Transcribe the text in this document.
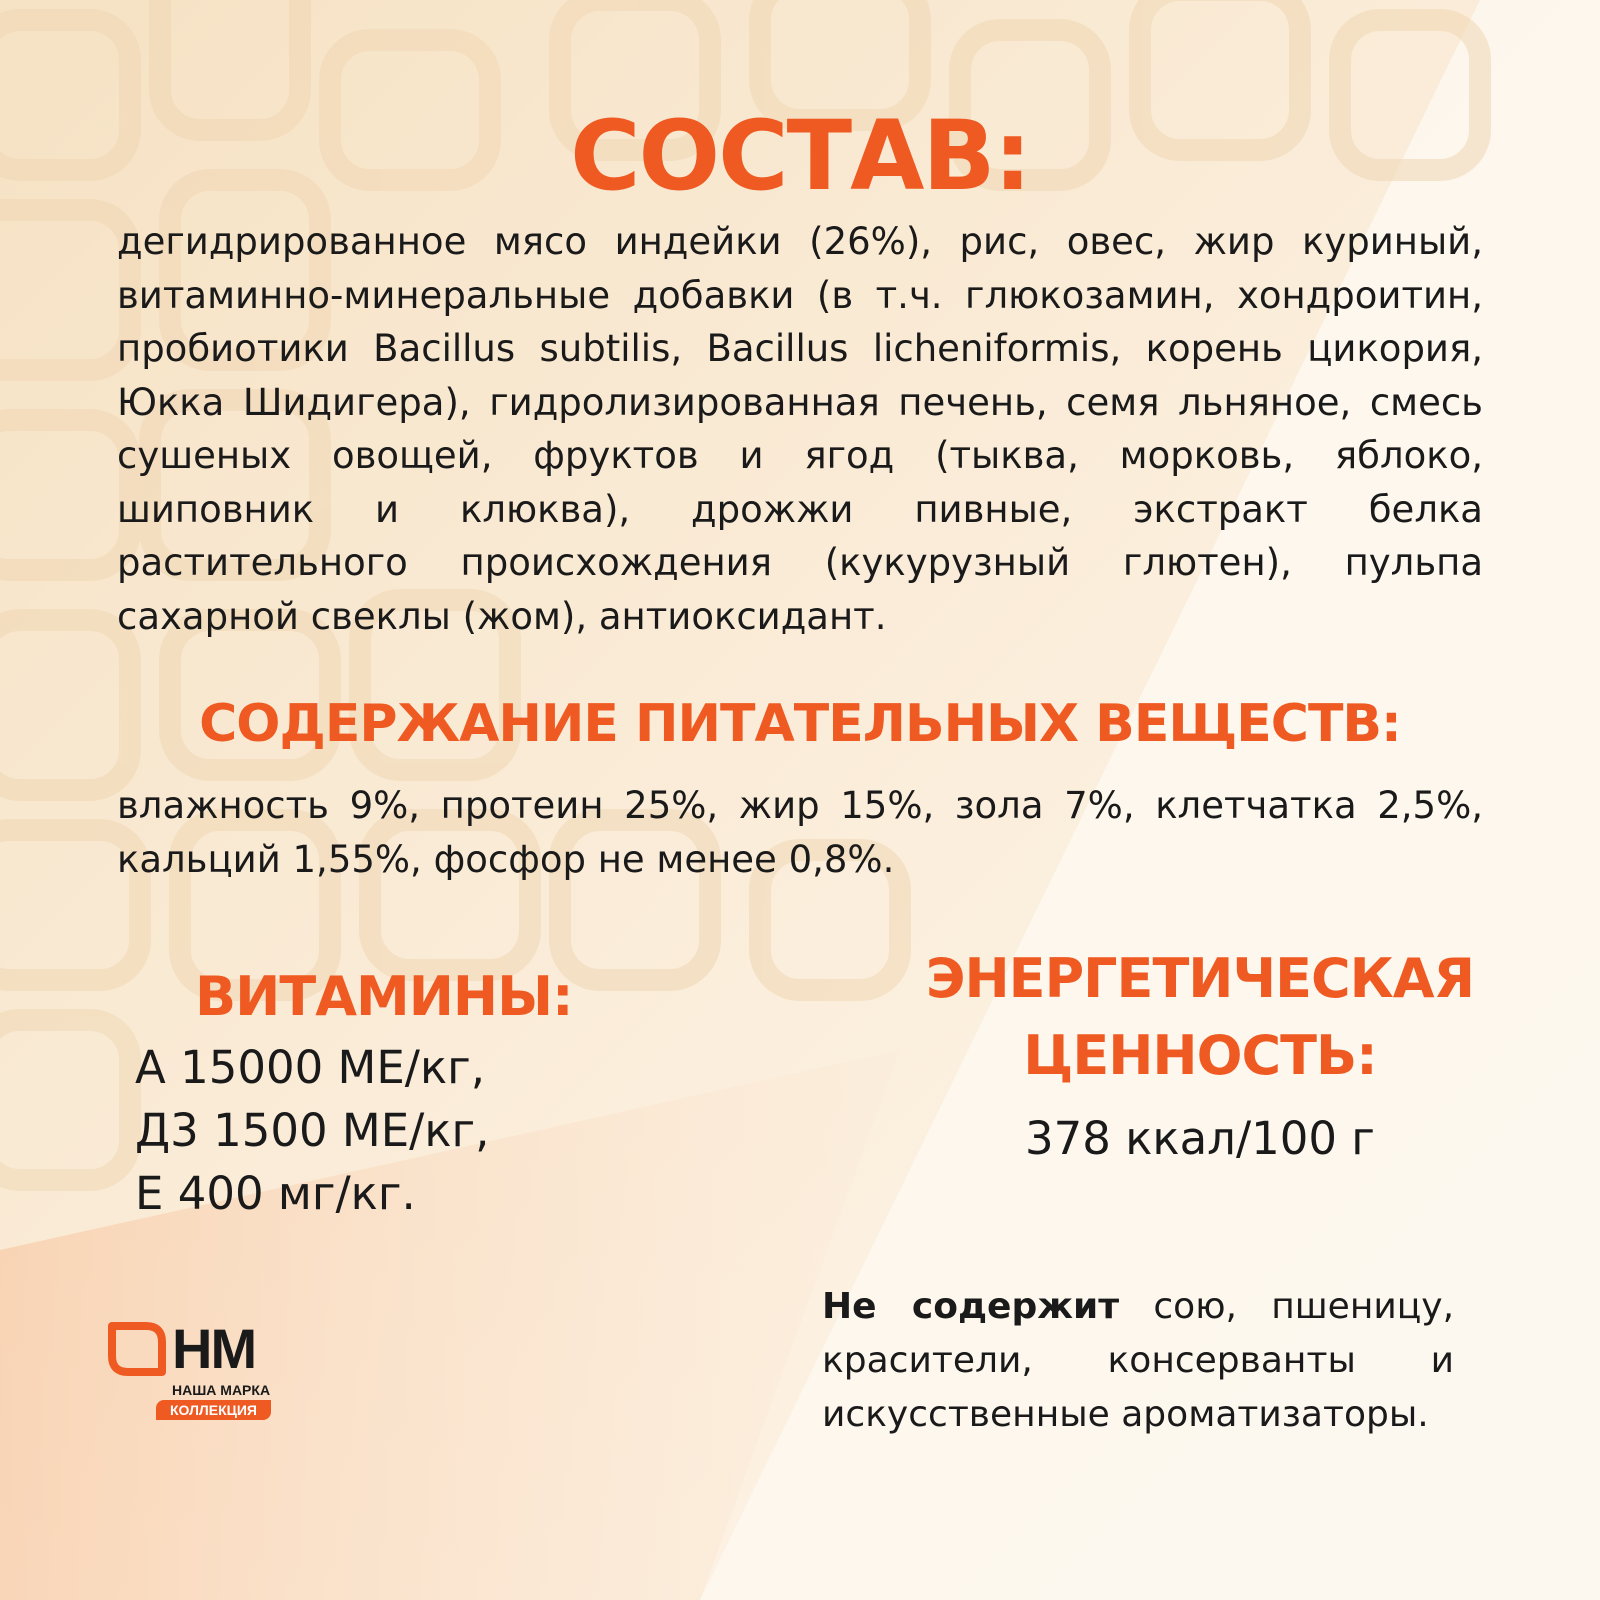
СОСТАВ:

дегидрированное мясо индейки (26%), рис, овес, жир куриный, витаминно-минеральные добавки (в т.ч. глюкозамин, хондроитин, пробиотики Bacillus subtilis, Bacillus licheniformis, корень цикория, Юкка Шидигера), гидролизированная печень, семя льняное, смесь сушеных овощей, фруктов и ягод (тыква, морковь, яблоко, шиповник и клюква), дрожжи пивные, экстракт белка растительного происхождения (кукурузный глютен), пульпа сахарной свеклы (жом), антиоксидант.

СОДЕРЖАНИЕ ПИТАТЕЛЬНЫХ ВЕЩЕСТВ:

влажность 9%, протеин 25%, жир 15%, зола 7%, клетчатка 2,5%, кальций 1,55%, фосфор не менее 0,8%.

ВИТАМИНЫ:
А 15000 МЕ/кг,
Д3 1500 МЕ/кг,
Е 400 мг/кг.
ЭНЕРГЕТИЧЕСКАЯ
ЦЕННОСТЬ:

378 ккал/100 г

Не содержит сою, пшеницу, красители, консерванты и искусственные ароматизаторы.

НМ
НАША МАРКА
КОЛЛЕКЦИЯ
